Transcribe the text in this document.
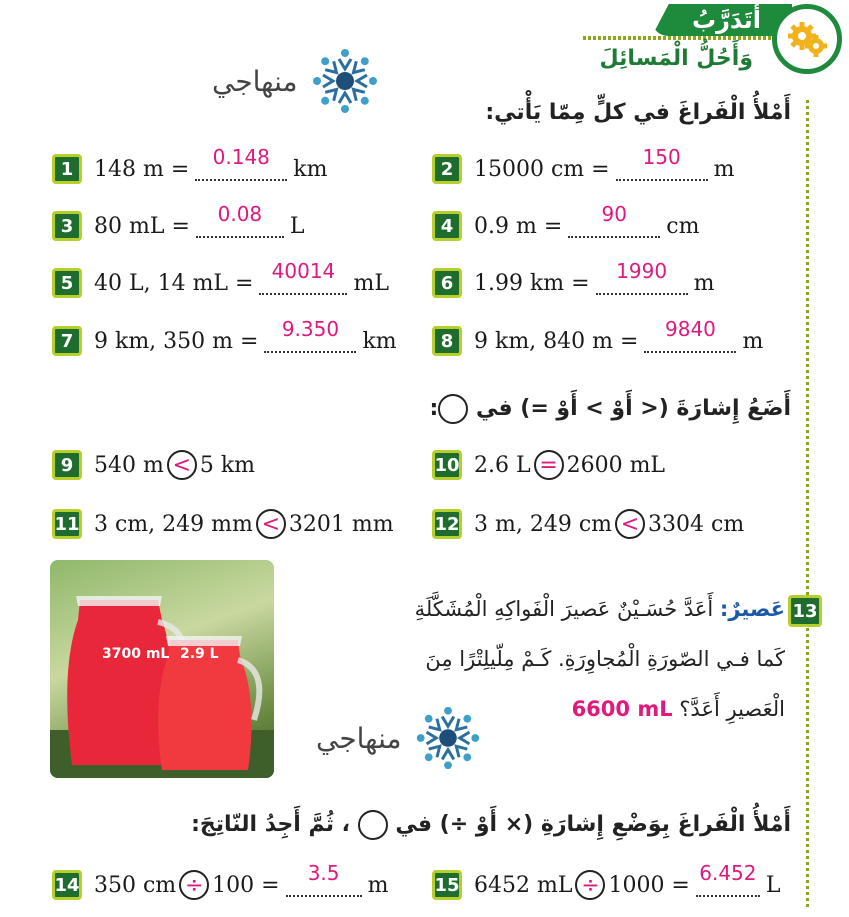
أَتَدَرَّبُ
وَأَحُلُّ الْمَسائِلَ
منهاجي
أَمْلأُ الْفَراغَ في كلٍّ مِمّا يَأْتي:
1 148 m =	0.148	km	2 15000 cm =	150	m
3 80 mL =	0.08	L	4 0.9 m =	90	cm
5 40 L, 14 mL = 40014 mL	6 1.99 km =	1990	m
7 9 km, 350 m =	9.350	km	8 9 km, 840 m =	9840	m
أَضَعُ إِشارَةَ (< أَوْ > أَوْ =) في :
9 540 m < 5 km	10 2.6 L = 2600 mL
11 3 cm, 249 mm < 3201 mm 12 3 m, 249 cm < 3304 cm
3700 mL 2.9 L
13
عَصيرٌ: أَعَدَّ حُسَـيْنٌ عَصيرَ الْفَواكِهِ الْمُشَكَّلَةِ
كَما فـي الصّورَةِ الْمُجاوِرَةِ. كَـمْ مِلّيلِتْرًا مِنَ
الْعَصيرِ أَعَدَّ؟ 6600 mL
منهاجي
أَمْلأُ الْفَراغَ بِوَضْعِ إِشارَةِ (× أَوْ ÷) في  ، ثُمَّ أَجِدُ النّاتِجَ:
14 350 cm ÷ 100 =	3.5	m	15 6452 mL ÷ 1000 = 6.452 L
